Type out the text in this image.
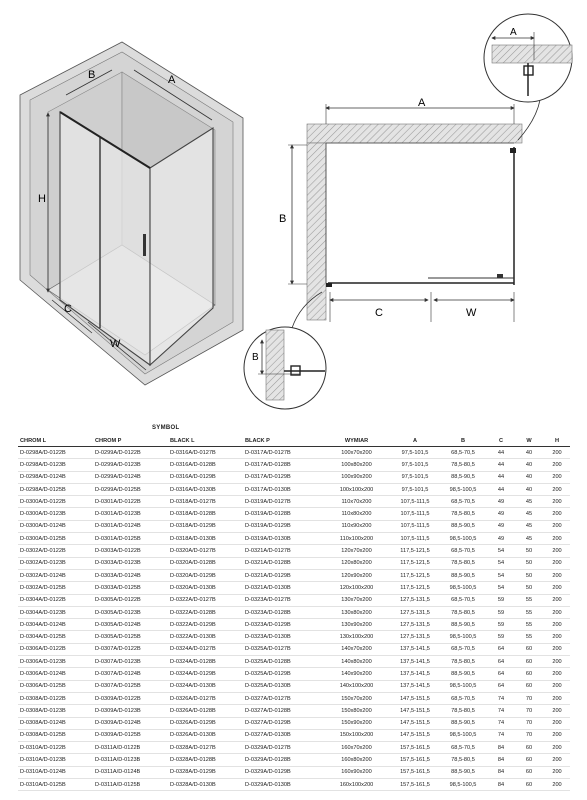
B	A
H
C
W
A
B
C	W
A
B
SYMBOL
CHROM L	CHROM P	BLACK L	BLACK P	WYMIAR	A	B	C	W	H
D-0298A/D-0122B	D-0299A/D-0122B	D-0316A/D-0127B	D-0317A/D-0127B	100x70x200	97,5-101,5	68,5-70,5	44	40	200
D-0298A/D-0123B	D-0299A/D-0123B	D-0316A/D-0128B	D-0317A/D-0128B	100x80x200	97,5-101,5	78,5-80,5	44	40	200
D-0298A/D-0124B	D-0299A/D-0124B	D-0316A/D-0129B	D-0317A/D-0129B	100x90x200	97,5-101,5	88,5-90,5	44	40	200
D-0298A/D-0125B	D-0299A/D-0125B	D-0316A/D-0130B	D-0317A/D-0130B	100x100x200	97,5-101,5	98,5-100,5	44	40	200
D-0300A/D-0122B	D-0301A/D-0122B	D-0318A/D-0127B	D-0319A/D-0127B	110x70x200	107,5-111,5	68,5-70,5	49	45	200
D-0300A/D-0123B	D-0301A/D-0123B	D-0318A/D-0128B	D-0319A/D-0128B	110x80x200	107,5-111,5	78,5-80,5	49	45	200
D-0300A/D-0124B	D-0301A/D-0124B	D-0318A/D-0129B	D-0319A/D-0129B	110x90x200	107,5-111,5	88,5-90,5	49	45	200
D-0300A/D-0125B	D-0301A/D-0125B	D-0318A/D-0130B	D-0319A/D-0130B	110x100x200	107,5-111,5	98,5-100,5	49	45	200
D-0302A/D-0122B	D-0303A/D-0122B	D-0320A/D-0127B	D-0321A/D-0127B	120x70x200	117,5-121,5	68,5-70,5	54	50	200
D-0302A/D-0123B	D-0303A/D-0123B	D-0320A/D-0128B	D-0321A/D-0128B	120x80x200	117,5-121,5	78,5-80,5	54	50	200
D-0302A/D-0124B	D-0303A/D-0124B	D-0320A/D-0129B	D-0321A/D-0129B	120x90x200	117,5-121,5	88,5-90,5	54	50	200
D-0302A/D-0125B	D-0303A/D-0125B	D-0320A/D-0130B	D-0321A/D-0130B	120x100x200	117,5-121,5	98,5-100,5	54	50	200
D-0304A/D-0122B	D-0305A/D-0122B	D-0322A/D-0127B	D-0323A/D-0127B	130x70x200	127,5-131,5	68,5-70,5	59	55	200
D-0304A/D-0123B	D-0305A/D-0123B	D-0322A/D-0128B	D-0323A/D-0128B	130x80x200	127,5-131,5	78,5-80,5	59	55	200
D-0304A/D-0124B	D-0305A/D-0124B	D-0322A/D-0129B	D-0323A/D-0129B	130x90x200	127,5-131,5	88,5-90,5	59	55	200
D-0304A/D-0125B	D-0305A/D-0125B	D-0322A/D-0130B	D-0323A/D-0130B	130x100x200	127,5-131,5	98,5-100,5	59	55	200
D-0306A/D-0122B	D-0307A/D-0122B	D-0324A/D-0127B	D-0325A/D-0127B	140x70x200	137,5-141,5	68,5-70,5	64	60	200
D-0306A/D-0123B	D-0307A/D-0123B	D-0324A/D-0128B	D-0325A/D-0128B	140x80x200	137,5-141,5	78,5-80,5	64	60	200
D-0306A/D-0124B	D-0307A/D-0124B	D-0324A/D-0129B	D-0325A/D-0129B	140x90x200	137,5-141,5	88,5-90,5	64	60	200
D-0306A/D-0125B	D-0307A/D-0125B	D-0324A/D-0130B	D-0325A/D-0130B	140x100x200	137,5-141,5	98,5-100,5	64	60	200
D-0308A/D-0122B	D-0309A/D-0122B	D-0326A/D-0127B	D-0327A/D-0127B	150x70x200	147,5-151,5	68,5-70,5	74	70	200
D-0308A/D-0123B	D-0309A/D-0123B	D-0326A/D-0128B	D-0327A/D-0128B	150x80x200	147,5-151,5	78,5-80,5	74	70	200
D-0308A/D-0124B	D-0309A/D-0124B	D-0326A/D-0129B	D-0327A/D-0129B	150x90x200	147,5-151,5	88,5-90,5	74	70	200
D-0308A/D-0125B	D-0309A/D-0125B	D-0326A/D-0130B	D-0327A/D-0130B	150x100x200	147,5-151,5	98,5-100,5	74	70	200
D-0310A/D-0122B	D-0311A/D-0122B	D-0328A/D-0127B	D-0329A/D-0127B	160x70x200	157,5-161,5	68,5-70,5	84	60	200
D-0310A/D-0123B	D-0311A/D-0123B	D-0328A/D-0128B	D-0329A/D-0128B	160x80x200	157,5-161,5	78,5-80,5	84	60	200
D-0310A/D-0124B	D-0311A/D-0124B	D-0328A/D-0129B	D-0329A/D-0129B	160x90x200	157,5-161,5	88,5-90,5	84	60	200
D-0310A/D-0125B	D-0311A/D-0125B	D-0328A/D-0130B	D-0329A/D-0130B	160x100x200	157,5-161,5	98,5-100,5	84	60	200
